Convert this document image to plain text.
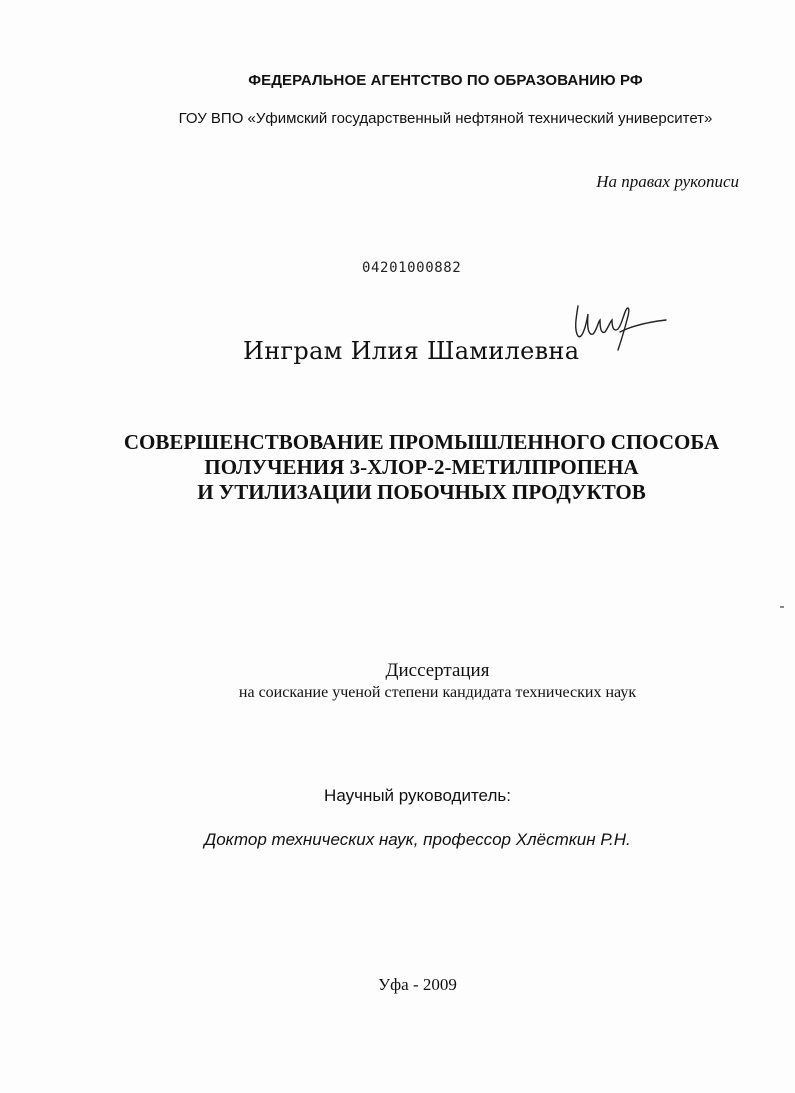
ФЕДЕРАЛЬНОЕ АГЕНТСТВО ПО ОБРАЗОВАНИЮ РФ
ГОУ ВПО «Уфимский государственный нефтяной технический университет»
На правах рукописи
04201000882
Инграм Илия Шамилевна
СОВЕРШЕНСТВОВАНИЕ ПРОМЫШЛЕННОГО СПОСОБА
ПОЛУЧЕНИЯ 3-ХЛОР-2-МЕТИЛПРОПЕНА
И УТИЛИЗАЦИИ ПОБОЧНЫХ ПРОДУКТОВ
Диссертация
на соискание ученой степени кандидата технических наук
Научный руководитель:
Доктор технических наук, профессор Хлёсткин Р.Н.
Уфа - 2009
